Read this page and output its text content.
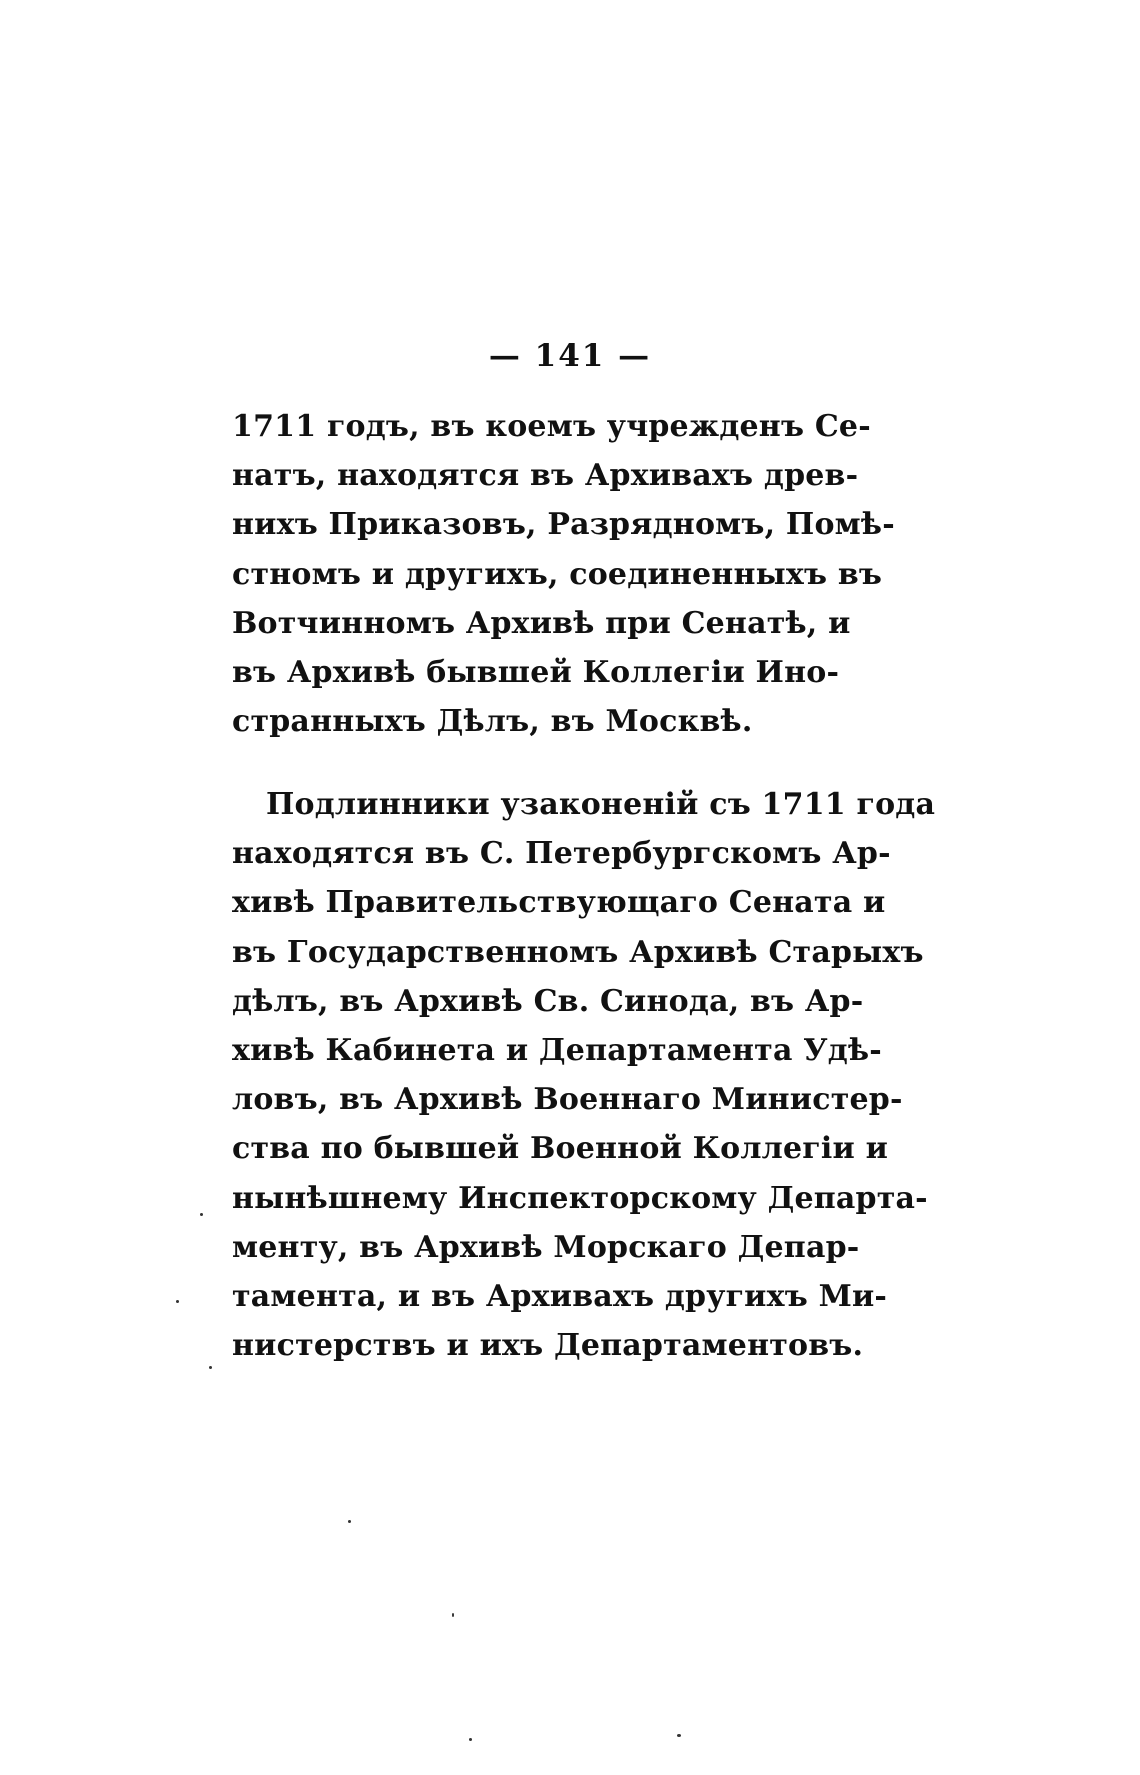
— 141 —
1711 годъ, въ коемъ учрежденъ Се-
натъ, находятся въ Архивахъ древ-
нихъ Приказовъ, Разрядномъ, Помѣ-
стномъ и другихъ, соединенныхъ въ
Вотчинномъ Архивѣ при Сенатѣ, и
въ Архивѣ бывшей Коллегіи Ино-
странныхъ Дѣлъ, въ Москвѣ.
Подлинники узаконеній съ 1711 года
находятся въ С. Петербургскомъ Ар-
хивѣ Правительствующаго Сената и
въ Государственномъ Архивѣ Старыхъ
дѣлъ, въ Архивѣ Св. Синода, въ Ар-
хивѣ Кабинета и Департамента Удѣ-
ловъ, въ Архивѣ Военнаго Министер-
ства по бывшей Военной Коллегіи и
нынѣшнему Инспекторскому Департа-
менту, въ Архивѣ Морскаго Депар-
тамента, и въ Архивахъ другихъ Ми-
нистерствъ и ихъ Департаментовъ.
